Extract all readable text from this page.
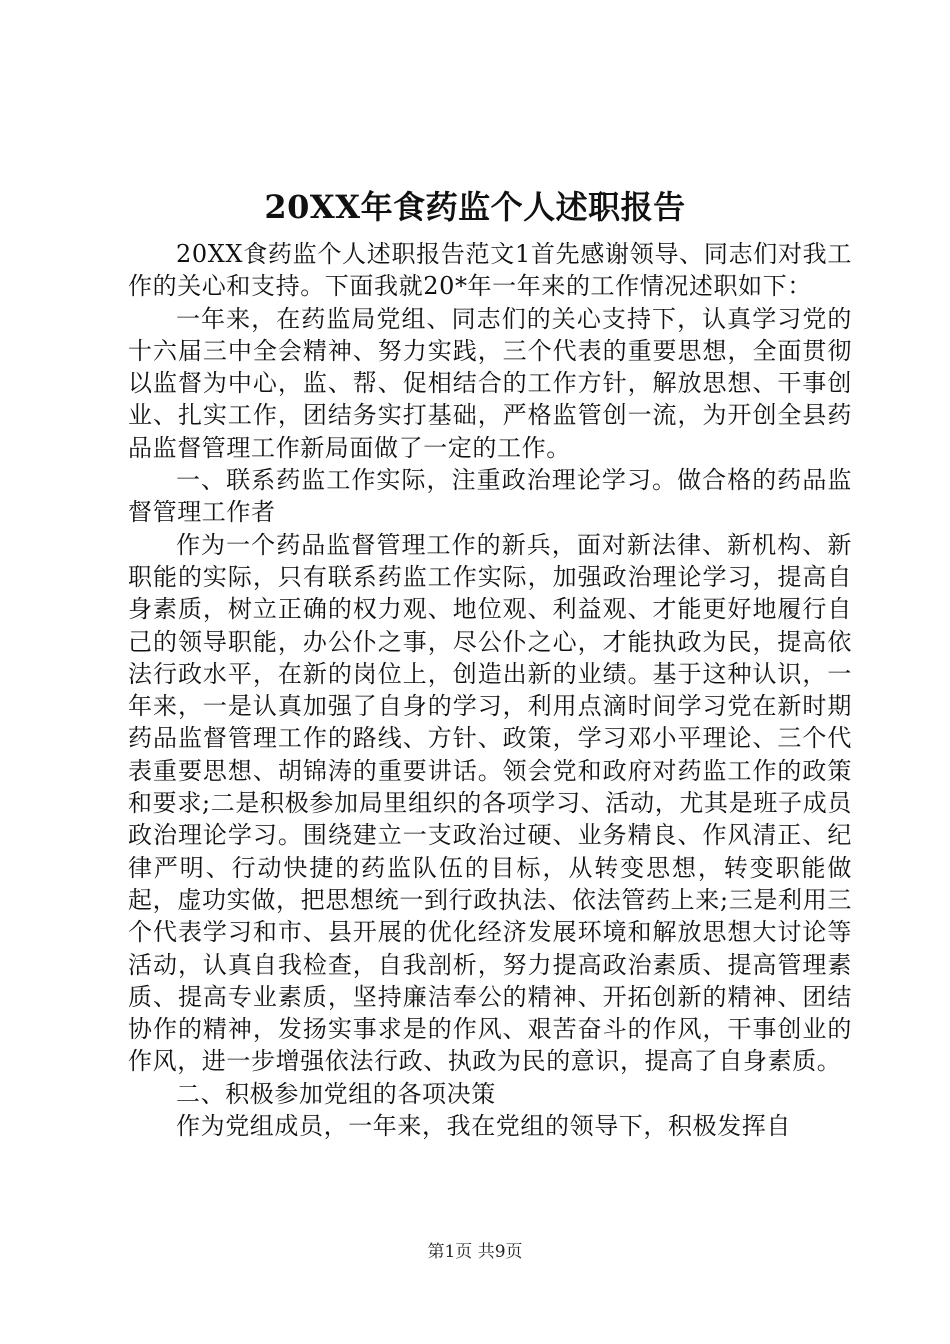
20XX年食药监个人述职报告

20XX食药监个人述职报告范文1首先感谢领导、同志们对我工作的关心和支持。下面我就20*年一年来的工作情况述职如下：

一年来，在药监局党组、同志们的关心支持下，认真学习党的十六届三中全会精神、努力实践，三个代表的重要思想，全面贯彻以监督为中心，监、帮、促相结合的工作方针，解放思想、干事创业、扎实工作，团结务实打基础，严格监管创一流，为开创全县药品监督管理工作新局面做了一定的工作。

一、联系药监工作实际，注重政治理论学习。做合格的药品监督管理工作者

作为一个药品监督管理工作的新兵，面对新法律、新机构、新职能的实际，只有联系药监工作实际，加强政治理论学习，提高自身素质，树立正确的权力观、地位观、利益观、才能更好地履行自己的领导职能，办公仆之事，尽公仆之心，才能执政为民，提高依法行政水平，在新的岗位上，创造出新的业绩。基于这种认识，一年来，一是认真加强了自身的学习，利用点滴时间学习党在新时期药品监督管理工作的路线、方针、政策，学习邓小平理论、三个代表重要思想、胡锦涛的重要讲话。领会党和政府对药监工作的政策和要求;二是积极参加局里组织的各项学习、活动，尤其是班子成员政治理论学习。围绕建立一支政治过硬、业务精良、作风清正、纪律严明、行动快捷的药监队伍的目标，从转变思想，转变职能做起，虚功实做，把思想统一到行政执法、依法管药上来;三是利用三个代表学习和市、县开展的优化经济发展环境和解放思想大讨论等活动，认真自我检查，自我剖析，努力提高政治素质、提高管理素质、提高专业素质，坚持廉洁奉公的精神、开拓创新的精神、团结协作的精神，发扬实事求是的作风、艰苦奋斗的作风，干事创业的作风，进一步增强依法行政、执政为民的意识，提高了自身素质。

二、积极参加党组的各项决策

作为党组成员，一年来，我在党组的领导下，积极发挥自

第1页 共9页
